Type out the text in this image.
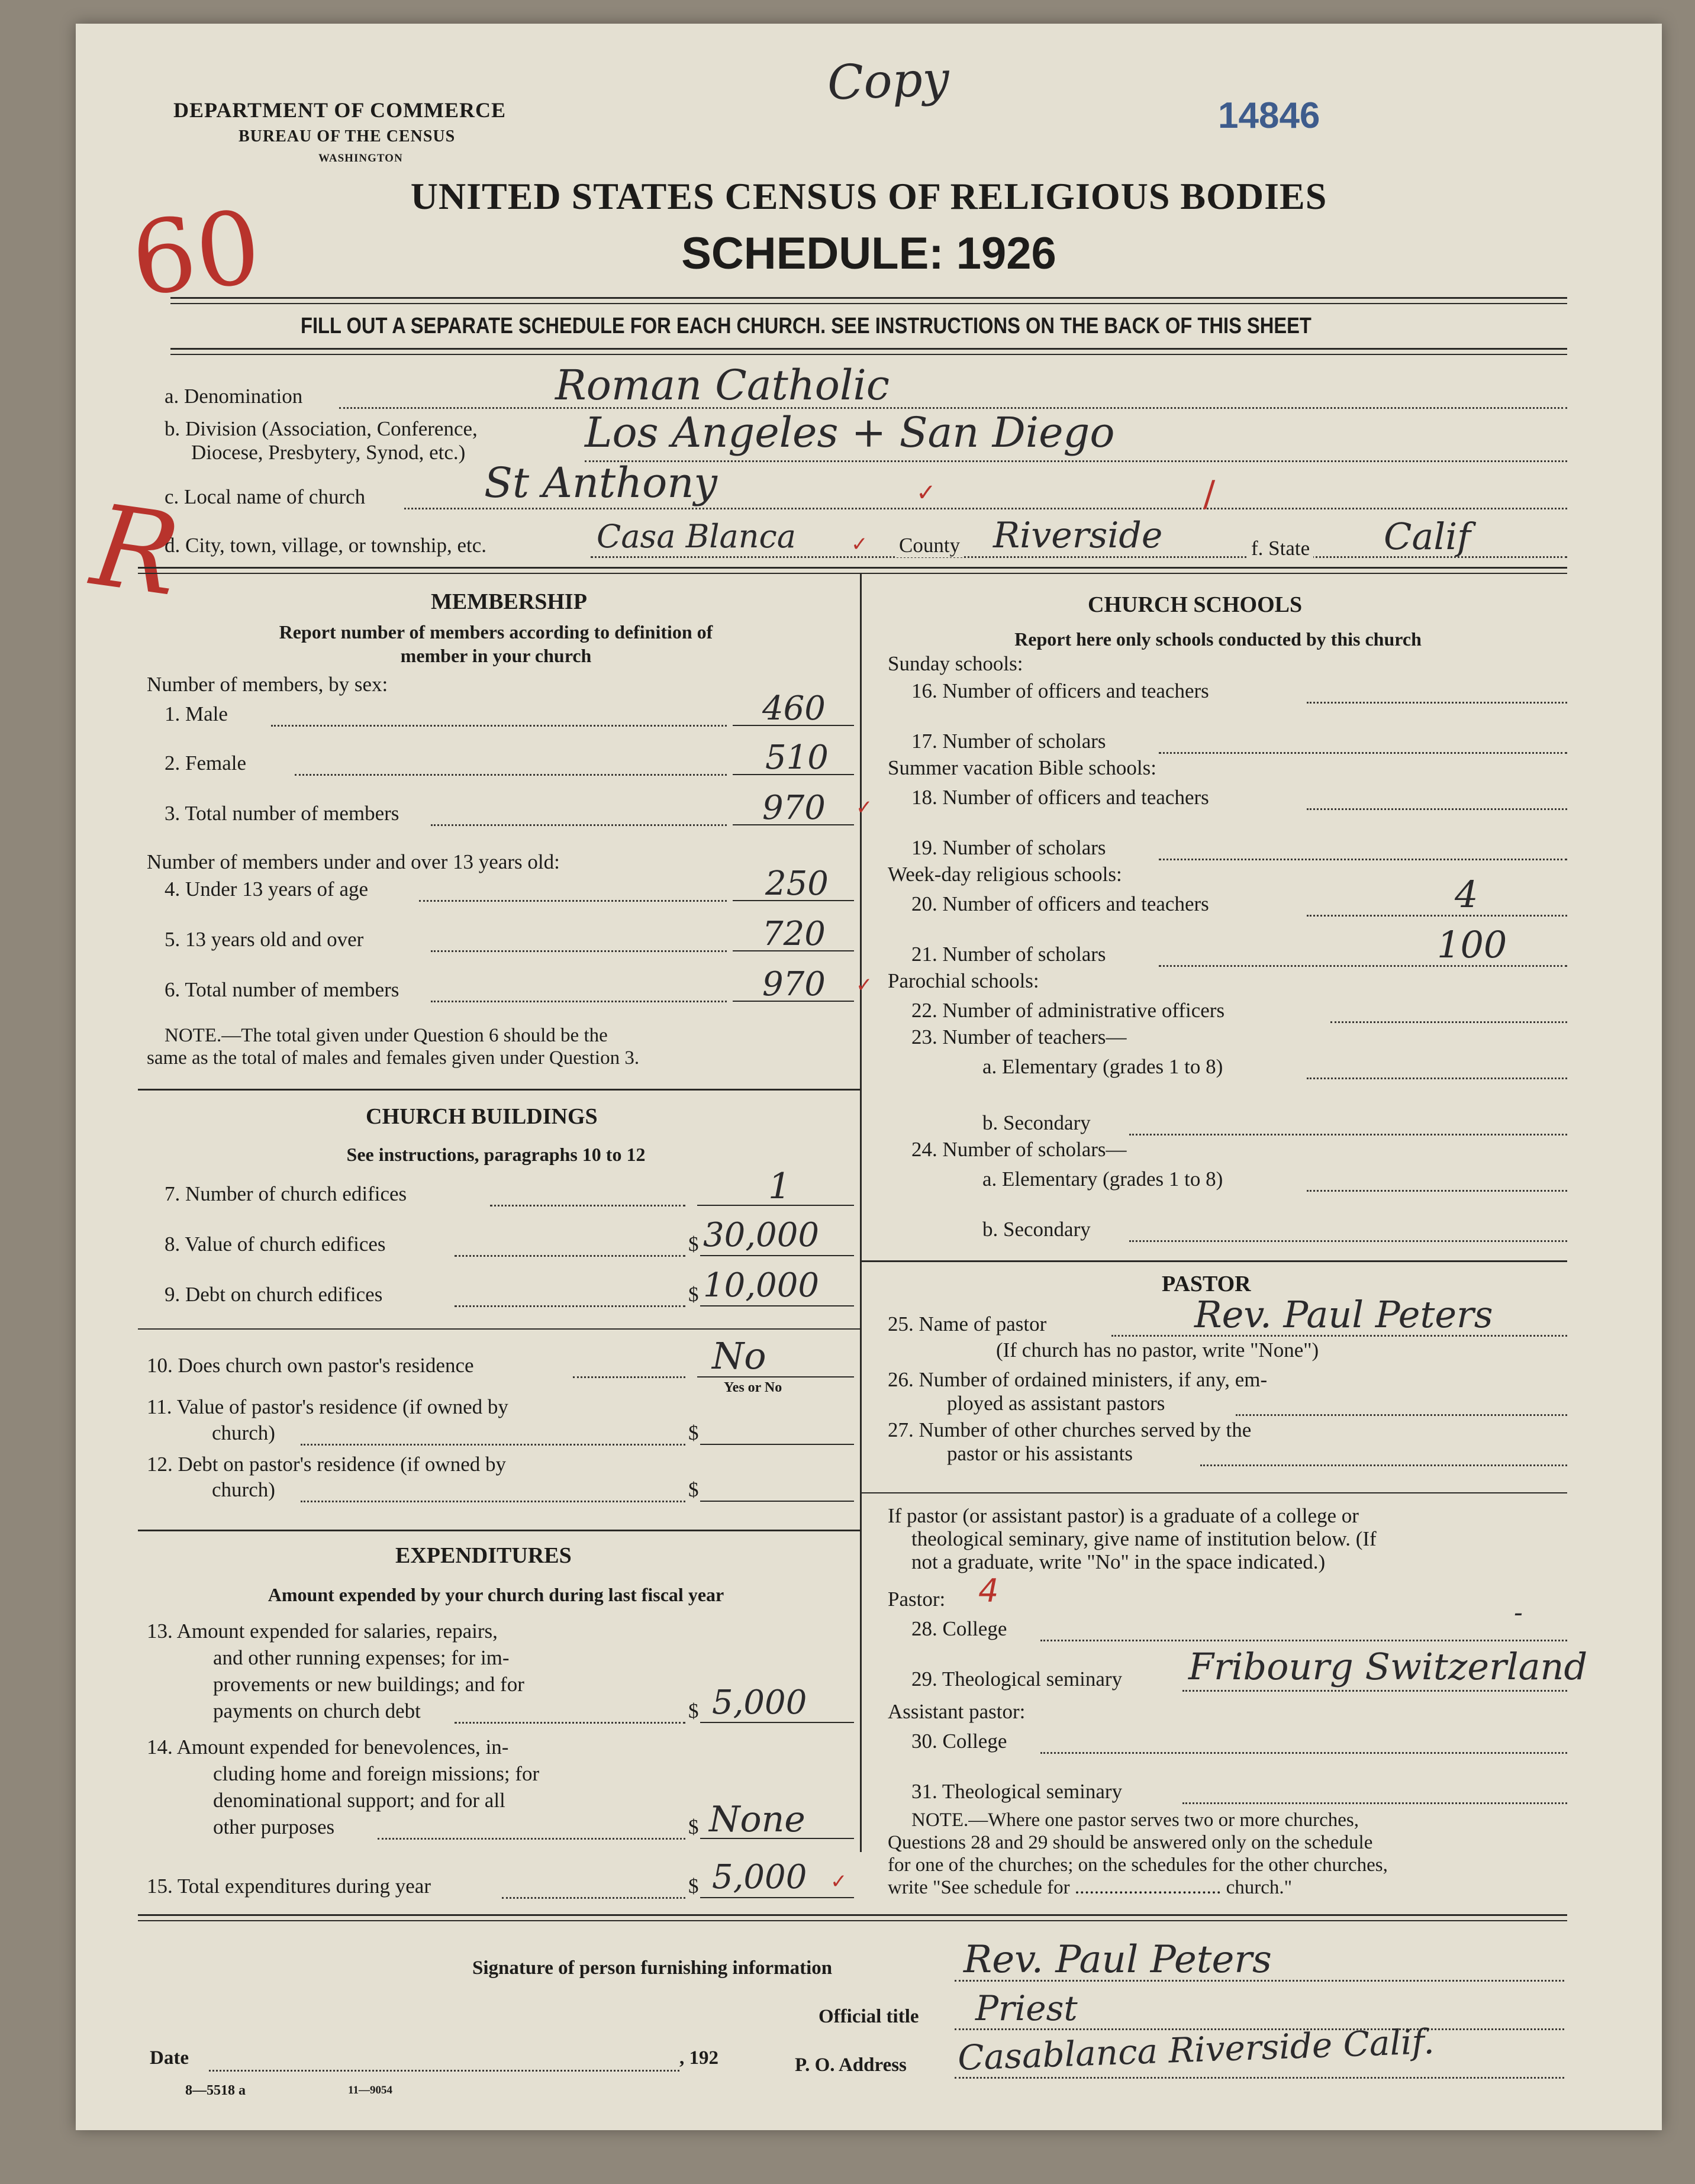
Copy
14846
60
R
DEPARTMENT OF COMMERCE
BUREAU OF THE CENSUS
WASHINGTON
UNITED STATES CENSUS OF RELIGIOUS BODIES
SCHEDULE: 1926
FILL OUT A SEPARATE SCHEDULE FOR EACH CHURCH. SEE INSTRUCTIONS ON THE BACK OF THIS SHEET
a. Denomination	Roman Catholic
b. Division (Association, Conference,
Diocese, Presbytery, Synod, etc.)	Los Angeles + San Diego
c. Local name of church	St Anthony	✓	/
d. City, town, village, or township, etc.	Casa Blanca	✓ County Riverside	f. State Calif
MEMBERSHIP
Report number of members according to definition of
member in your church
Number of members, by sex:
1. Male	460
2. Female	510
3. Total number of members	970 ✓
Number of members under and over 13 years old:
4. Under 13 years of age	250
5. 13 years old and over	720
6. Total number of members	970 ✓
NOTE.—The total given under Question 6 should be the
same as the total of males and females given under Question 3.
CHURCH BUILDINGS
See instructions, paragraphs 10 to 12
7. Number of church edifices	1
8. Value of church edifices	$ 30,000
9. Debt on church edifices	$ 10,000
10. Does church own pastor's residence	No
Yes or No
11. Value of pastor's residence (if owned by
church)	$
12. Debt on pastor's residence (if owned by
church)	$
EXPENDITURES
Amount expended by your church during last fiscal year
13. Amount expended for salaries, repairs,
and other running expenses; for im-
provements or new buildings; and for
payments on church debt	$ 5,000
14. Amount expended for benevolences, in-
cluding home and foreign missions; for
denominational support; and for all
other purposes	$ None
15. Total expenditures during year	$ 5,000 ✓
CHURCH SCHOOLS
Report here only schools conducted by this church
Sunday schools:
16. Number of officers and teachers
17. Number of scholars
Summer vacation Bible schools:
18. Number of officers and teachers
19. Number of scholars
Week-day religious schools:
20. Number of officers and teachers	4
21. Number of scholars	100
Parochial schools:
22. Number of administrative officers
23. Number of teachers—
a. Elementary (grades 1 to 8)
b. Secondary
24. Number of scholars—
a. Elementary (grades 1 to 8)
b. Secondary
PASTOR
25. Name of pastor	Rev. Paul Peters
(If church has no pastor, write "None")
26. Number of ordained ministers, if any, em-
ployed as assistant pastors
27. Number of other churches served by the
pastor or his assistants
If pastor (or assistant pastor) is a graduate of a college or
theological seminary, give name of institution below. (If
not a graduate, write "No" in the space indicated.)
Pastor: 4
28. College
-
29. Theological seminary Fribourg Switzerland
Assistant pastor:
30. College
31. Theological seminary
NOTE.—Where one pastor serves two or more churches,
Questions 28 and 29 should be answered only on the schedule
for one of the churches; on the schedules for the other churches,
write "See schedule for .............................. church."
Signature of person furnishing information	Rev. Paul Peters
Official title Priest
Date	, 192	P. O. Address Casablanca Riverside Calif.
8—5518 a	11—9054
